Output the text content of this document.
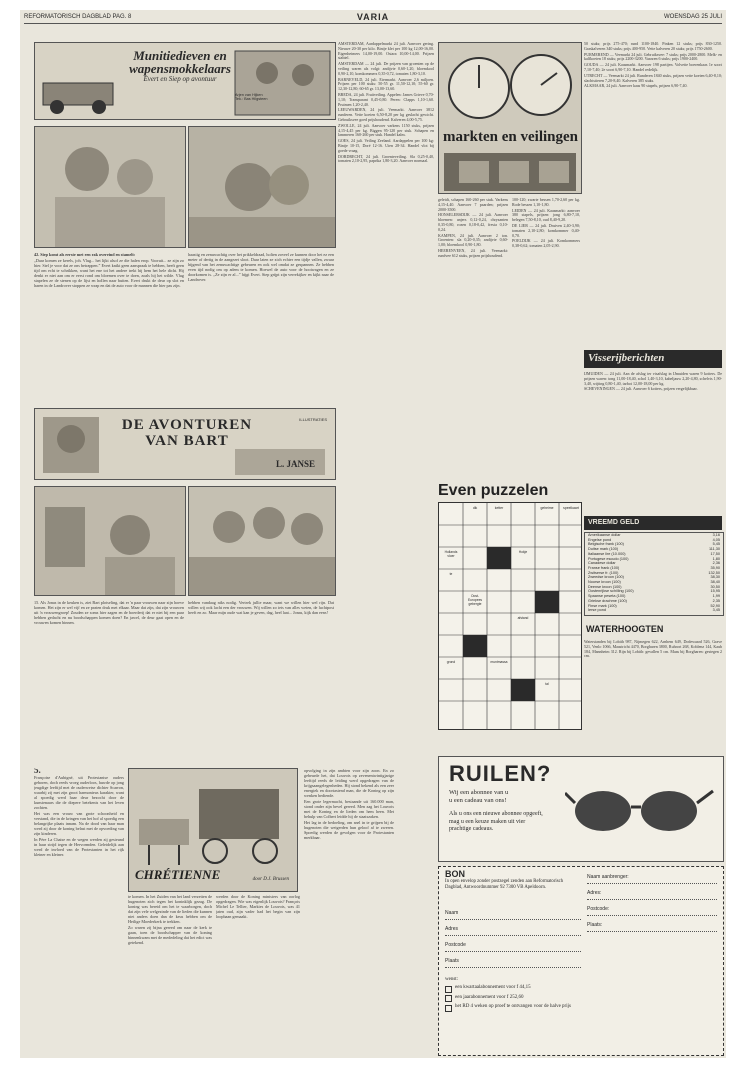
REFORMATORISCH DAGBLAD PAG. 8	VARIA	WOENSDAG 25 JULI
Munitiedieven en
wapensmokkelaars
Evert en Siep op avontuur
Arjen van Hijken
Tek.: Bas Hilgsteen

42. Siep komt als eerste met een rak overeind en stamelt:

„Daar komen ze kerels, joh. Vlug... het lijkt alsof ze die halen erop. Vooruit... ze zijn zo hier. Stel je voor dat ze ons betrappen.” Evert knikt geen aanspraak te hebben, heeft geen tijd om echt te schrikken, want het ene tot het andere trekt hij hem het hele dicht. Hij denkt er niet aan om er eerst rond om bloemen over te doen, zoals hij het wilde. Vlug stapelen ze de stenen op de lijst en hollen naar buiten. Evert drukt de deur op slot en haren in de Landrover stoppen ze wrap en dat de auto voor de mannen die hier pas zijn.

haastig en zenuwachtig over het prikkeldraad, holten zoveel ze kunnen door het ez een meter of dertig in de aangezet sloot. Daar laten ze zich echter een tijdje vallen, zwaar hijgend van het zenuwachtige gebeuren en ook wel omdat ze gespannen. Ze hebben even tijd nodig om op adem te komen. Hoewel de auto voor de hooiwagen en ze doorkomen is. „Ze zijn er al...” hijgt Evert. Siep grijpt zijn verrekijker en kijkt naar de Landrover.

AMSTERDAM, Aardappelmarkt 24 juli. Aanvoer gering. Nieuwe 20-30 per kilo. Bintje klei per 100 kg 12,00-16,00. Eigenheimers 14,00-19,00. Ostara 10,00-14,00. Prijzen stabiel.

AMSTERDAM — 24 juli. De prijzen van groenten op de veiling waren als volgt: andijvie 0,60-1,20, bloemkool 0,90-2,10, komkommers 0,35-0,72, tomaten 1,80-3,10.

BARNEVELD, 24 juli. Eiermarkt. Aanvoer 2,6 miljoen. Prijzen per 100 stuks: 50-55 gr. 11,50-12,10; 55-60 gr. 12,30-12,80; 60-65 gr. 13,00-13,60.

BREDA, 24 juli. Fruitveiling. Appelen: James Grieve 0,70-1,10; Transparant 0,45-0,80. Peren: Clapps 1,10-1,60. Pruimen 1,20-2,40.

LEEUWARDEN, 24 juli. Veemarkt. Aanvoer 3812 runderen. Vette koeien 6,50-8,20 per kg geslacht gewicht. Gebruiksvee goed prijshoudend. Kalveren 4,00-5,75.

ZWOLLE, 24 juli. Aanvoer varkens 1150 stuks, prijzen 4,15-4,45 per kg. Biggen 95-120 per stuk. Schapen en lammeren 160-260 per stuk. Handel kalm.

GOES, 24 juli. Veiling Zeeland. Aardappelen per 100 kg: Bintje 10-15, Doré 12-16. Uien 28-34. Handel vlot bij goede vraag.

DORDRECHT, 24 juli. Groenteveiling. Sla 0,25-0,40, tomaten 2,10-2,95, paprika 1,80-3,20. Aanvoer normaal.

markten en veilingen

geleidt, schapen 160-260 per stuk. Varkens 4,15-4,40. Aanvoer 7 paarden; prijzen 2000-3500.

HONSELERSDIJK — 24 juli. Aanvoer bloemen: anjers 0,12-0,24, chrysanten 0,35-0,80, rozen 0,18-0,42, fresia 0,10-0,24.

KAMPEN, 24 juli. Aanvoer 2 ton. Groenten: sla 0,20-0,35; andijvie 0,60-1,00; bloemkool 0,90-1,80.

HEERENVEEN, 24 juli. Veemarkt: rundvee 612 stuks, prijzen prijshoudend.

100-120; zwarte bessen 1,70-2,60 per kg. Rode bessen 1,10-1,80.

LEIDEN — 24 juli. Kaasmarkt: aanvoer 380 stapels, prijzen: jong 6,80-7,10, belegen 7,50-8,10, oud 8,40-9,20.

DE LIER — 24 juli. Druiven 2,40-3,90; tomaten 2,10-2,80; komkommer 0,40-0,70.

POELDIJK — 24 juli. Komkommers 0,38-0,62; tomaten 2,05-2,90.

50 stuks; prijs 275-470; rund 1100-1840. Pinken 12 stuks; prijs 830-1250. Graskalveren 340 stuks; prijs 400-950. Vette kalveren 20 stuks; prijs 1750-2600.

PURMEREND — Veemarkt 24 juli. Gebruiksvee: 7 stuks; prijs 2000-2800. Melk- en kalfkoeien 18 stuks; prijs 2200-3200. Vaarzen 6 stuks; prijs 1900-2400.

GOUDA — 24 juli. Kaasmarkt. Aanvoer 198 partijen. Volvette boerenkaas 1e soort 7,10-7,40; 2e soort 6,90-7,10. Handel redelijk.

UTRECHT — Veemarkt 24 juli. Runderen 1840 stuks, prijzen vette koeien 6,40-8,10; slachtstieren 7,20-8,40. Kalveren 385 stuks.

ALKMAAR, 24 juli. Aanvoer kaas 90 stapels, prijzen 6,90-7,40.

Visserijberichten

IJMUIDEN — 24 juli. Aan de afslag ter visafslag in IJmuiden waren 9 kotters. De prijzen waren: tong 11,00-18,40, schol 1,40-3,10, kabeljauw 2,20-4,80, schelvis 1,90-3,40, wijting 0,80-1,40, tarbot 12,00-18,00 per kg.

SCHEVENINGEN — 24 juli. Aanvoer 6 kotters, prijzen vergelijkbaar.

VREEMD GELD
Amerikaanse dollar	3,16
Engelse pond	4,05
Belgische frank (100)	5,45
Duitse mark (100)	111,30
Italiaanse lire (10.000)	17,50
Portugese escudo (100)	1,80
Canadese dollar	2,36
Franse frank (100)	35,90
Zwitserse fr. (100)	132,50
Zweedse kroon (100)	38,30
Noorse kroon (100)	38,40
Deense kroon (100)	30,50
Oostenrijkse schilling (100)	15,95
Spaanse peseta (100)	1,99
Griekse drachme (100)	2,35
Finse mark (100)	52,90
Ierse pond	3,45
WATERHOOGTEN

Waterstanden bij Lobith 987, Nijmegen 622, Arnhem 649, Dodewaard 526, Grave 521, Venlo 1066, Maastricht 4470, Borgharen 3800, Ruhrort 268, Koblenz 144, Kaub 184, Mannheim 312. Rijn bij Lobith: gevallen 5 cm. Maas bij Borgharen: gestegen 2 cm.

DE AVONTUREN
VAN BART
ILLUSTRATIES
L. JANSE

15. Als Jonas in de keuken is, ziet Bart plotseling, dat er 'n paar vrouwen naar zijn hoeve komen. Het zijn er wel vijf en ze praten druk met elkaar. Maar dat zijn, dat zijn vrouwen uit 'n vrouwengroep! Zouden ze soms hier zagen en de boerderij dat er niet bij een paar hebben gedacht en nu boodschappen komen doen? En jawel, de deur gaat open en de vrouwen komen binnen.

hebben vandaag niks nodig. Vertrek jullie maar, want we willen hier wel rijn. Dat willen wij ook lacht een der vrouwen. Wij willen zo iets van alles weten, de luchtpost heeft en zo. Maar mijn oude wat kan je geven, dag, heel laat... Jonas, kijk dan eens!

Even puzzelen
dik	ketter	geheime	speelkaart
Hollands vloer
Hokje
te
Oost-Europees gebergte
afstand
grond	muntmassa
tal
CHRÉTIENNE	door D.J. Brussen

5.

Françoise d'Aubigné, uit Protestantse ouders geboren, doch reeds vroeg ouderloos, huwde op jong jeugdige leeftijd met de ouderwetse dichter Scarron, waarbij zij met zijn groot harmonieus karakter, want al spoedig werd haar deur bezocht door de kunstenaars die de diepere betekenis van het leven zochten.

Het was een vrouw van grote schoonheid en verstand, die in de kringen van het hof al spoedig een belangrijke plaats innam. Na de dood van haar man werd zij door de koning belast met de opvoeding van zijn kinderen.

In Père La Chaise en de wegen werden zij gesteund in haar strijd tegen de Hervormden. Geleidelijk aan werd de invloed van de Protestanten in het rijk kleiner en kleiner.

te komen. In het Zuiden van het land verzetten de hugenoten zich tegen het koninklijk gezag. De koning was bereid om het te waarborgen, doch dat zijn vele welgezinde van de lieden die kunnen niet anders doen dan de keus hebben om de Heilige Moederkerk te trekken.

Zo waren zij bijna gereed om naar de kerk te gaan, toen de boodschapper van de koning binnenkwam met de mededeling dat het edict was getekend.

werden door de Koning ministers van oorlog opgedragen. Wie was eigenlijk Louvois? François Michel Le Tellier, Markies de Louvois, was 41 jaten oud, zijn vader had het begin van zijn loopbaan gemaakt.

opvolging in zijn ambten voor zijn zoon. En zo gebeurde het, dat Louvois op zevenentwintigjarige leeftijd reeds de leiding werd opgedragen van de krijgsaangelegenheden. Hij stond bekend als een zeer energiek en doortastend man, die de Koning op zijn wenken bediende.

Een grote legermacht, bestaande uit 160.000 man, stond onder zijn bevel gereed. Men zag het Louvois met de Koning en de lieden om hem heen. Met behulp van Colbert leidde hij de staatszaken.

Het lag in de bedoeling, om snel in te grijpen bij de hugenoten die weigerden hun geloof af te zweren. Spoedig werden de gevolgen voor de Protestanten merkbaar.

RUILEN?
Wij een abonnee van u
u een cadeau van ons!
Als u ons een nieuwe abonnee opgeeft, mag u een keuze maken uit vier prachtige cadeaus.
BON
In open envelop zonder postzegel zenden aan Reformatorisch Dagblad, Antwoordnummer 92 7300 VB Apeldoorn.
Naam
Adres
Postcode
Plaats
wenst:
een kwartaalabonnement voor f 44,15
een jaarabonnement voor f 252,60
het RD 4 weken op proef te ontvangen voor de halve prijs
Naam aanbrenger:
Adres:
Postcode:
Plaats:
